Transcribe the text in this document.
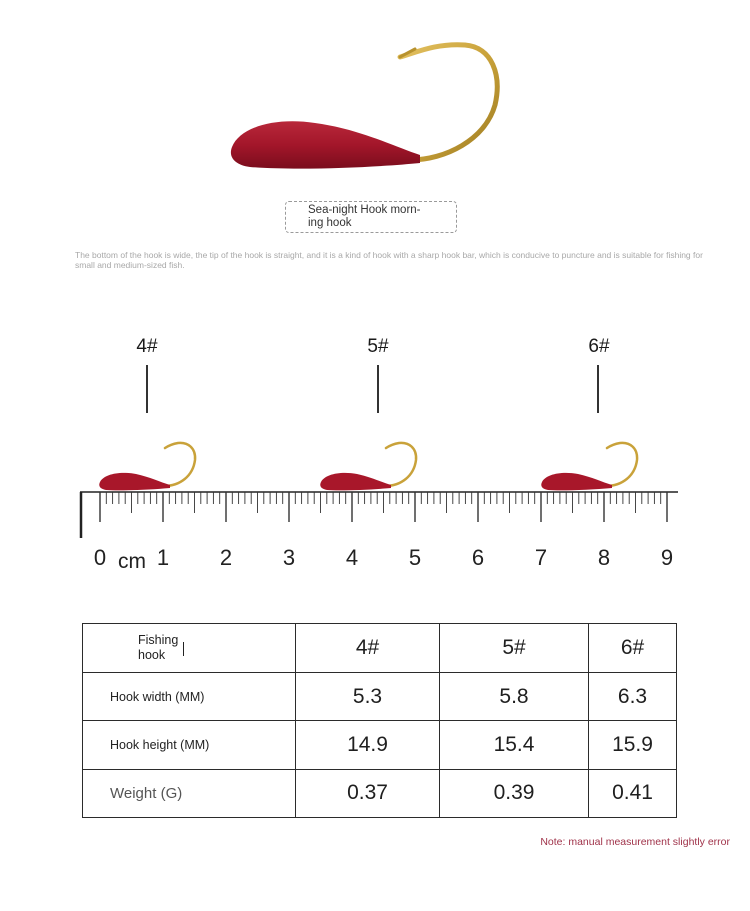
Sea-night Hook morn-
ing hook
The bottom of the hook is wide, the tip of the hook is straight, and it is a kind of hook with a sharp hook bar, which is conducive to puncture and is suitable for fishing for small and medium-sized fish.
4#	5#	6#
0 1 2 3 4 5 6 7 8 9
cm
Fishing
hook	4#	5#	6#
Hook width (MM)	5.3	5.8	6.3
Hook height (MM)	14.9	15.4	15.9
Weight (G)	0.37	0.39	0.41
Note: manual measurement slightly error
